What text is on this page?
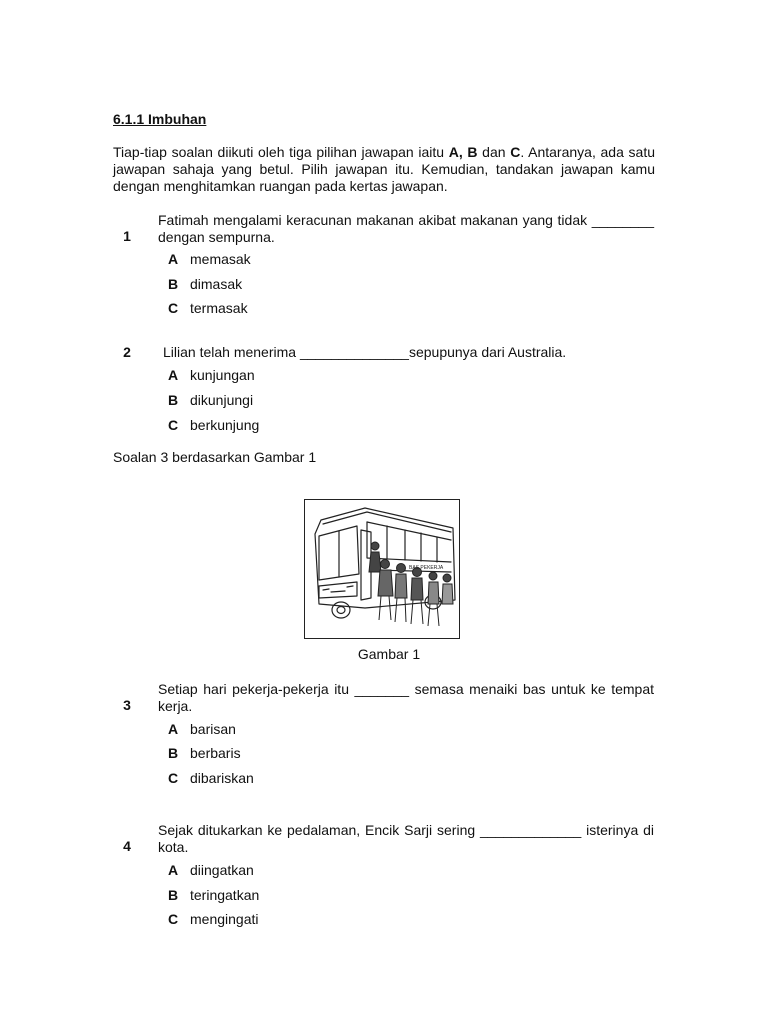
6.1.1 Imbuhan
Tiap-tiap soalan diikuti oleh tiga pilihan jawapan iaitu A, B dan C. Antaranya, ada satu jawapan sahaja yang betul. Pilih jawapan itu. Kemudian, tandakan jawapan kamu dengan menghitamkan ruangan pada kertas jawapan.
1
Fatimah mengalami keracunan makanan akibat makanan yang tidak ________ dengan sempurna.
A memasak
B dimasak
C termasak
2	Lilian telah menerima ______________sepupunya dari Australia.
A kunjungan
B dikunjungi
C berkunjung
Soalan 3 berdasarkan Gambar 1
BAS PEKERJA
Gambar 1
3
Setiap hari pekerja-pekerja itu _______ semasa menaiki bas untuk ke tempat kerja.
A barisan
B berbaris
C dibariskan
4
Sejak ditukarkan ke pedalaman, Encik Sarji sering _____________ isterinya di kota.
A diingatkan
B teringatkan
C mengingati
